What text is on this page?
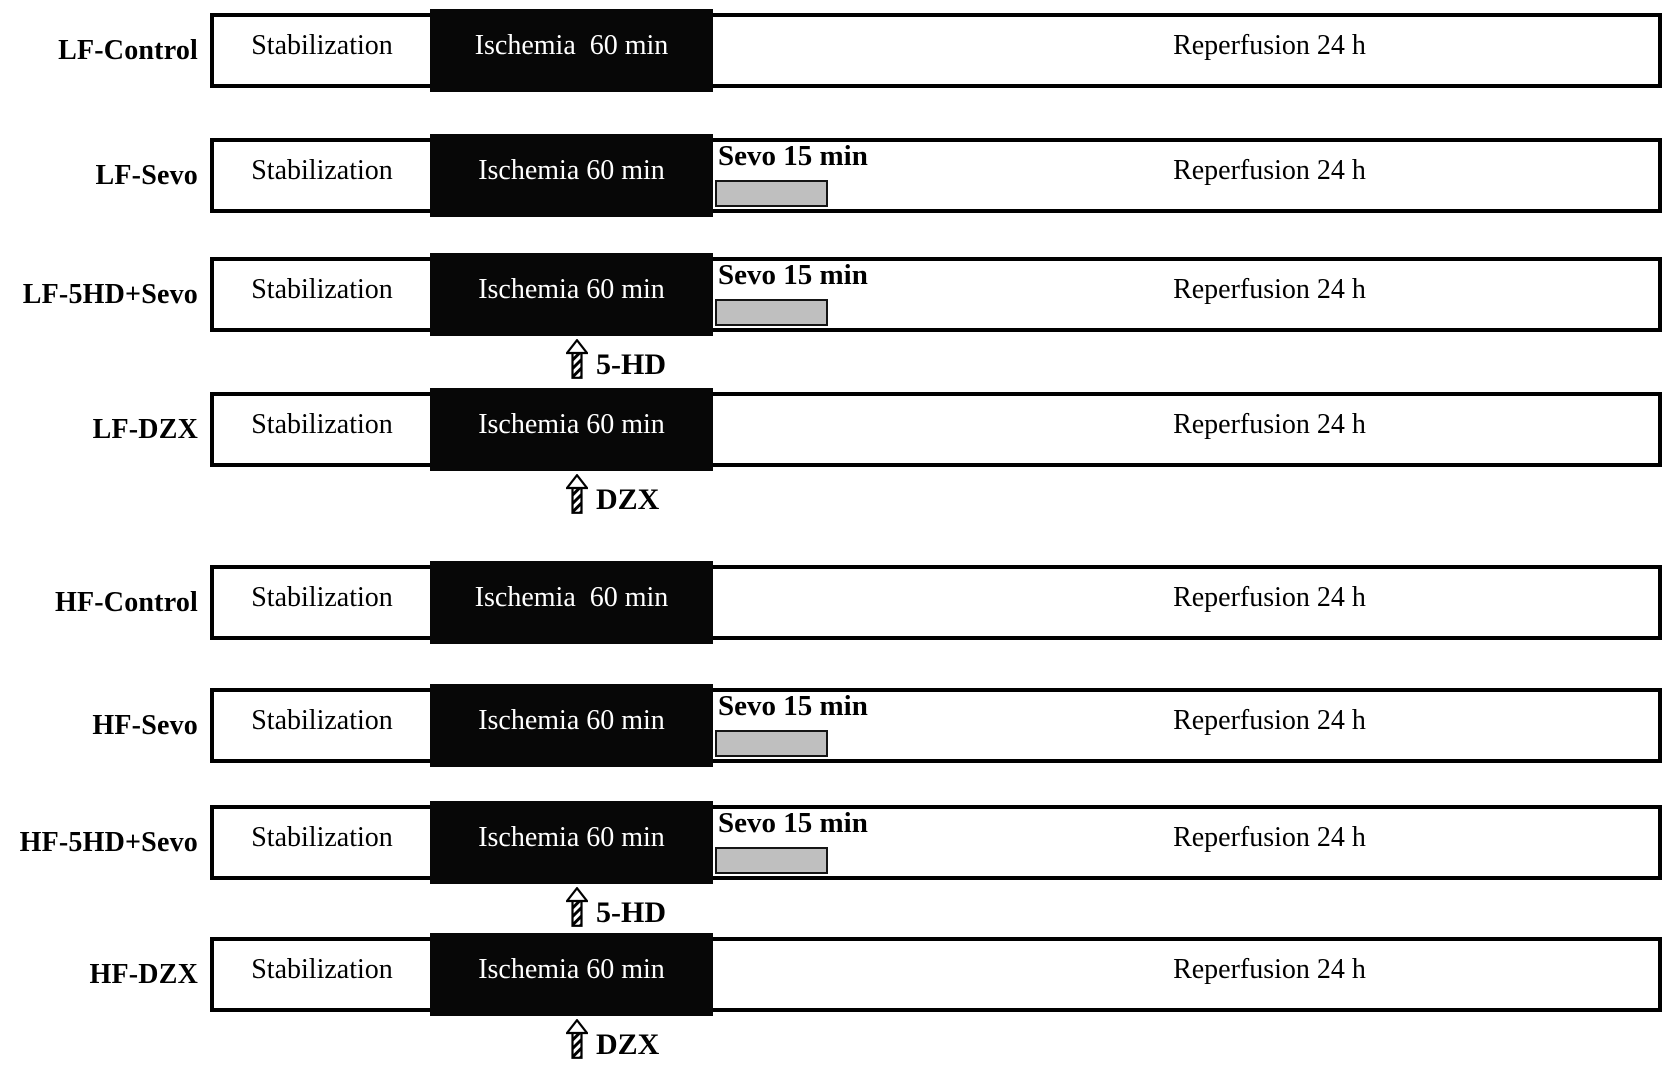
LF-Control Stabilization	Ischemia  60 min	Reperfusion 24 h
LF-Sevo Stabilization	Ischemia 60 min	Reperfusion 24 h
Sevo 15 min
LF-5HD+Sevo Stabilization	Ischemia 60 min	Reperfusion 24 h
Sevo 15 min
5-HD
LF-DZX Stabilization	Ischemia 60 min	Reperfusion 24 h
DZX
HF-Control Stabilization	Ischemia  60 min	Reperfusion 24 h
HF-Sevo Stabilization	Ischemia 60 min	Reperfusion 24 h
Sevo 15 min
HF-5HD+Sevo Stabilization	Ischemia 60 min	Reperfusion 24 h
Sevo 15 min
5-HD
HF-DZX Stabilization	Ischemia 60 min	Reperfusion 24 h
DZX
